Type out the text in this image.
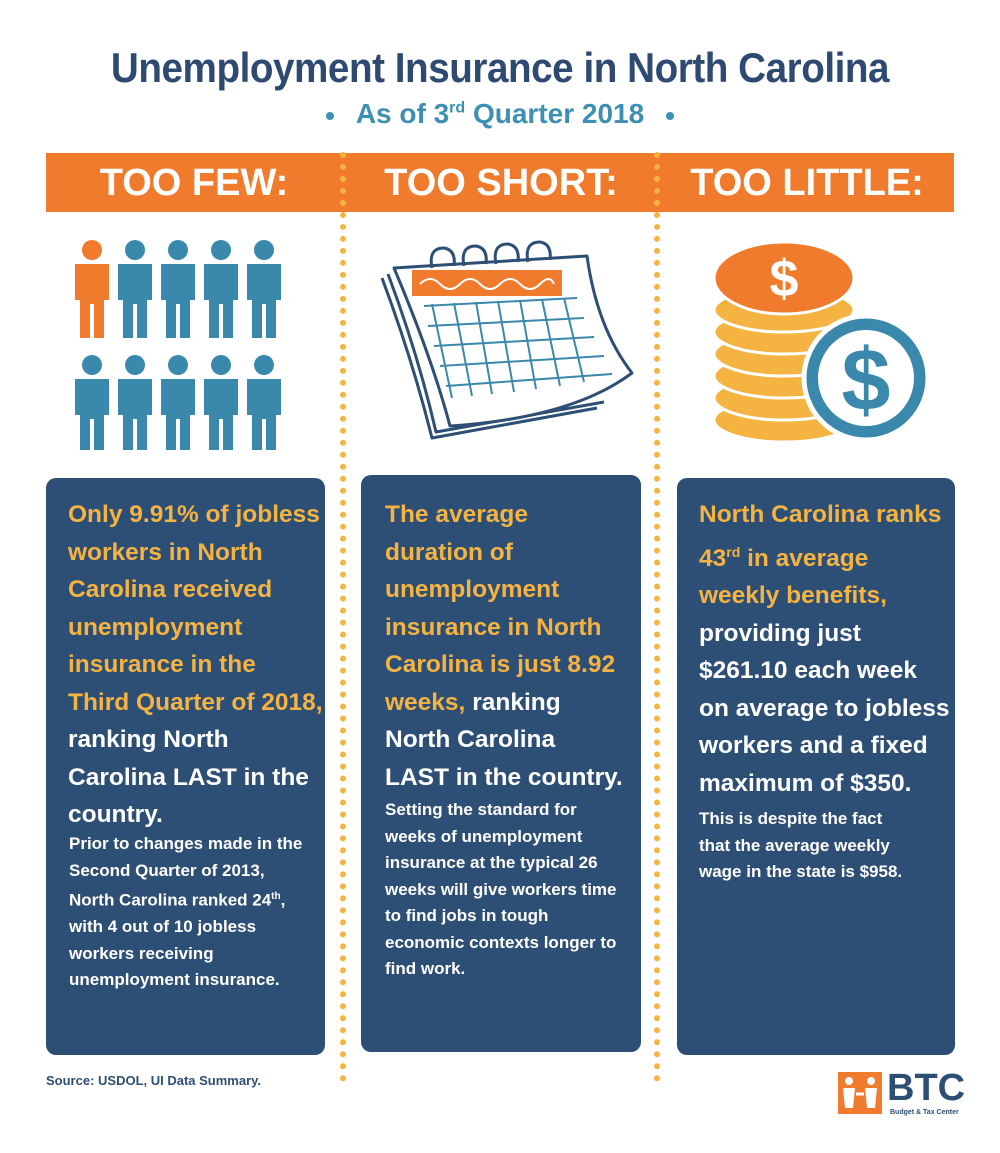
Unemployment Insurance in North Carolina
As of 3rd Quarter 2018
TOO FEW:	TOO SHORT:	TOO LITTLE:
$
$
Only 9.91% of jobless workers in North Carolina received unemployment insurance in the Third Quarter of 2018, ranking North Carolina LAST in the country.
Prior to changes made in the Second Quarter of 2013, North Carolina ranked 24th, with 4 out of 10 jobless workers receiving unemployment insurance.
The average duration of unemployment insurance in North Carolina is just 8.92 weeks, ranking North Carolina LAST in the country.
Setting the standard for weeks of unemployment insurance at the typical 26 weeks will give workers time to find jobs in tough economic contexts longer to find work.
North Carolina ranks 43rd in average weekly benefits, providing just $261.10 each week on average to jobless workers and a fixed maximum of $350.
This is despite the fact that the average weekly wage in the state is $958.
Source: USDOL, UI Data Summary.	BTC
Budget & Tax Center
